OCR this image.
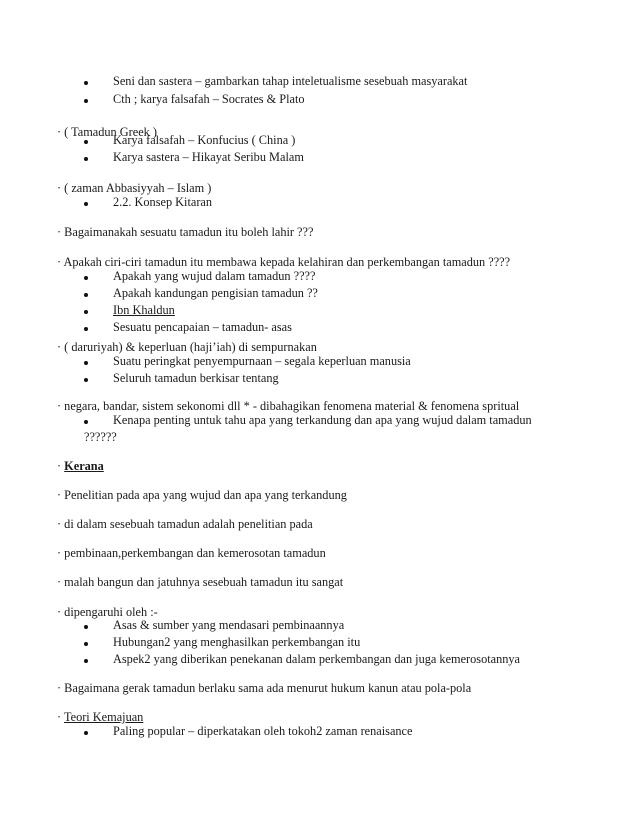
Seni dan sastera – gambarkan tahap inteletualisme sesebuah masyarakat
Cth ; karya falsafah – Socrates & Plato
· ( Tamadun Greek )
Karya falsafah – Konfucius ( China )
Karya sastera – Hikayat Seribu Malam
· ( zaman Abbasiyyah – Islam )
2.2. Konsep Kitaran
· Bagaimanakah sesuatu tamadun itu boleh lahir ???
· Apakah ciri-ciri tamadun itu membawa kepada kelahiran dan perkembangan tamadun ????
Apakah yang wujud dalam tamadun ????
Apakah kandungan pengisian tamadun ??
Ibn Khaldun
Sesuatu pencapaian – tamadun- asas
· ( daruriyah) & keperluan (haji’iah) di sempurnakan
Suatu peringkat penyempurnaan – segala keperluan manusia
Seluruh tamadun berkisar tentang
· negara, bandar, sistem sekonomi dll * - dibahagikan fenomena material & fenomena spritual
Kenapa penting untuk tahu apa yang terkandung dan apa yang wujud dalam tamadun
??????
· Kerana
· Penelitian pada apa yang wujud dan apa yang terkandung
· di dalam sesebuah tamadun adalah penelitian pada
· pembinaan,perkembangan dan kemerosotan tamadun
· malah bangun dan jatuhnya sesebuah tamadun itu sangat
· dipengaruhi oleh :-
Asas & sumber yang mendasari pembinaannya
Hubungan2 yang menghasilkan perkembangan itu
Aspek2 yang diberikan penekanan dalam perkembangan dan juga kemerosotannya
· Bagaimana gerak tamadun berlaku sama ada menurut hukum kanun atau pola-pola
· Teori Kemajuan
Paling popular – diperkatakan oleh tokoh2 zaman renaisance
